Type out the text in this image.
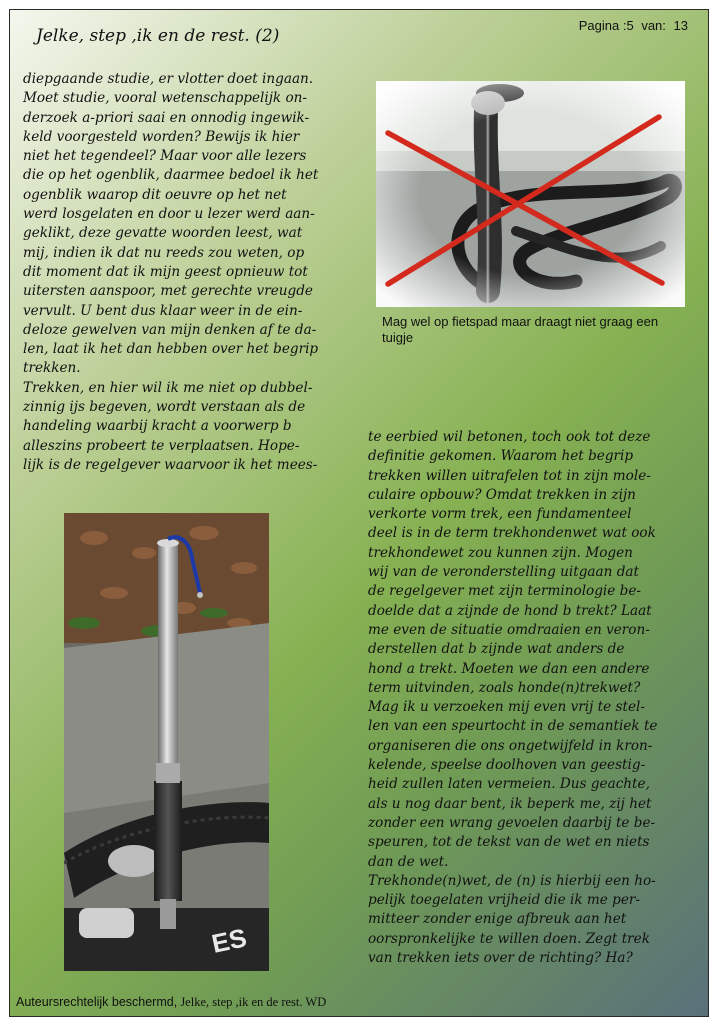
Jelke, step ,ik en de rest. (2)
Pagina :5 van: 13

diepgaande studie, er vlotter doet ingaan.
Moet studie, vooral wetenschappelijk on-
derzoek a-priori saai en onnodig ingewik-
keld voorgesteld worden? Bewijs ik hier
niet het tegendeel? Maar voor alle lezers
die op het ogenblik, daarmee bedoel ik het
ogenblik waarop dit oeuvre op het net
werd losgelaten en door u lezer werd aan-
geklikt, deze gevatte woorden leest, wat
mij, indien ik dat nu reeds zou weten, op
dit moment dat ik mijn geest opnieuw tot
uitersten aanspoor, met gerechte vreugde
vervult. U bent dus klaar weer in de ein-
deloze gewelven van mijn denken af te da-
len, laat ik het dan hebben over het begrip
trekken.

Trekken, en hier wil ik me niet op dubbel-
zinnig ijs begeven, wordt verstaan als de
handeling waarbij kracht a voorwerp b
alleszins probeert te verplaatsen. Hope-
lijk is de regelgever waarvoor ik het mees-

Mag wel op fietspad maar draagt niet graag een tuigje

te eerbied wil betonen, toch ook tot deze
definitie gekomen. Waarom het begrip
trekken willen uitrafelen tot in zijn mole-
culaire opbouw? Omdat trekken in zijn
verkorte vorm trek, een fundamenteel
deel is in de term trekhondenwet wat ook
trekhondewet zou kunnen zijn. Mogen
wij van de veronderstelling uitgaan dat
de regelgever met zijn terminologie be-
doelde dat a zijnde de hond b trekt? Laat
me even de situatie omdraaien en veron-
derstellen dat b zijnde wat anders de
hond a trekt. Moeten we dan een andere
term uitvinden, zoals honde(n)trekwet?
Mag ik u verzoeken mij even vrij te stel-
len van een speurtocht in de semantiek te
organiseren die ons ongetwijfeld in kron-
kelende, speelse doolhoven van geestig-
heid zullen laten vermeien. Dus geachte,
als u nog daar bent, ik beperk me, zij het
zonder een wrang gevoelen daarbij te be-
speuren, tot de tekst van de wet en niets
dan de wet.

Trekhonde(n)wet, de (n) is hierbij een ho-
pelijk toegelaten vrijheid die ik me per-
mitteer zonder enige afbreuk aan het
oorspronkelijke te willen doen. Zegt trek
van trekken iets over de richting? Ha?

ES
Auteursrechtelijk beschermd, Jelke, step ,ik en de rest. WD
